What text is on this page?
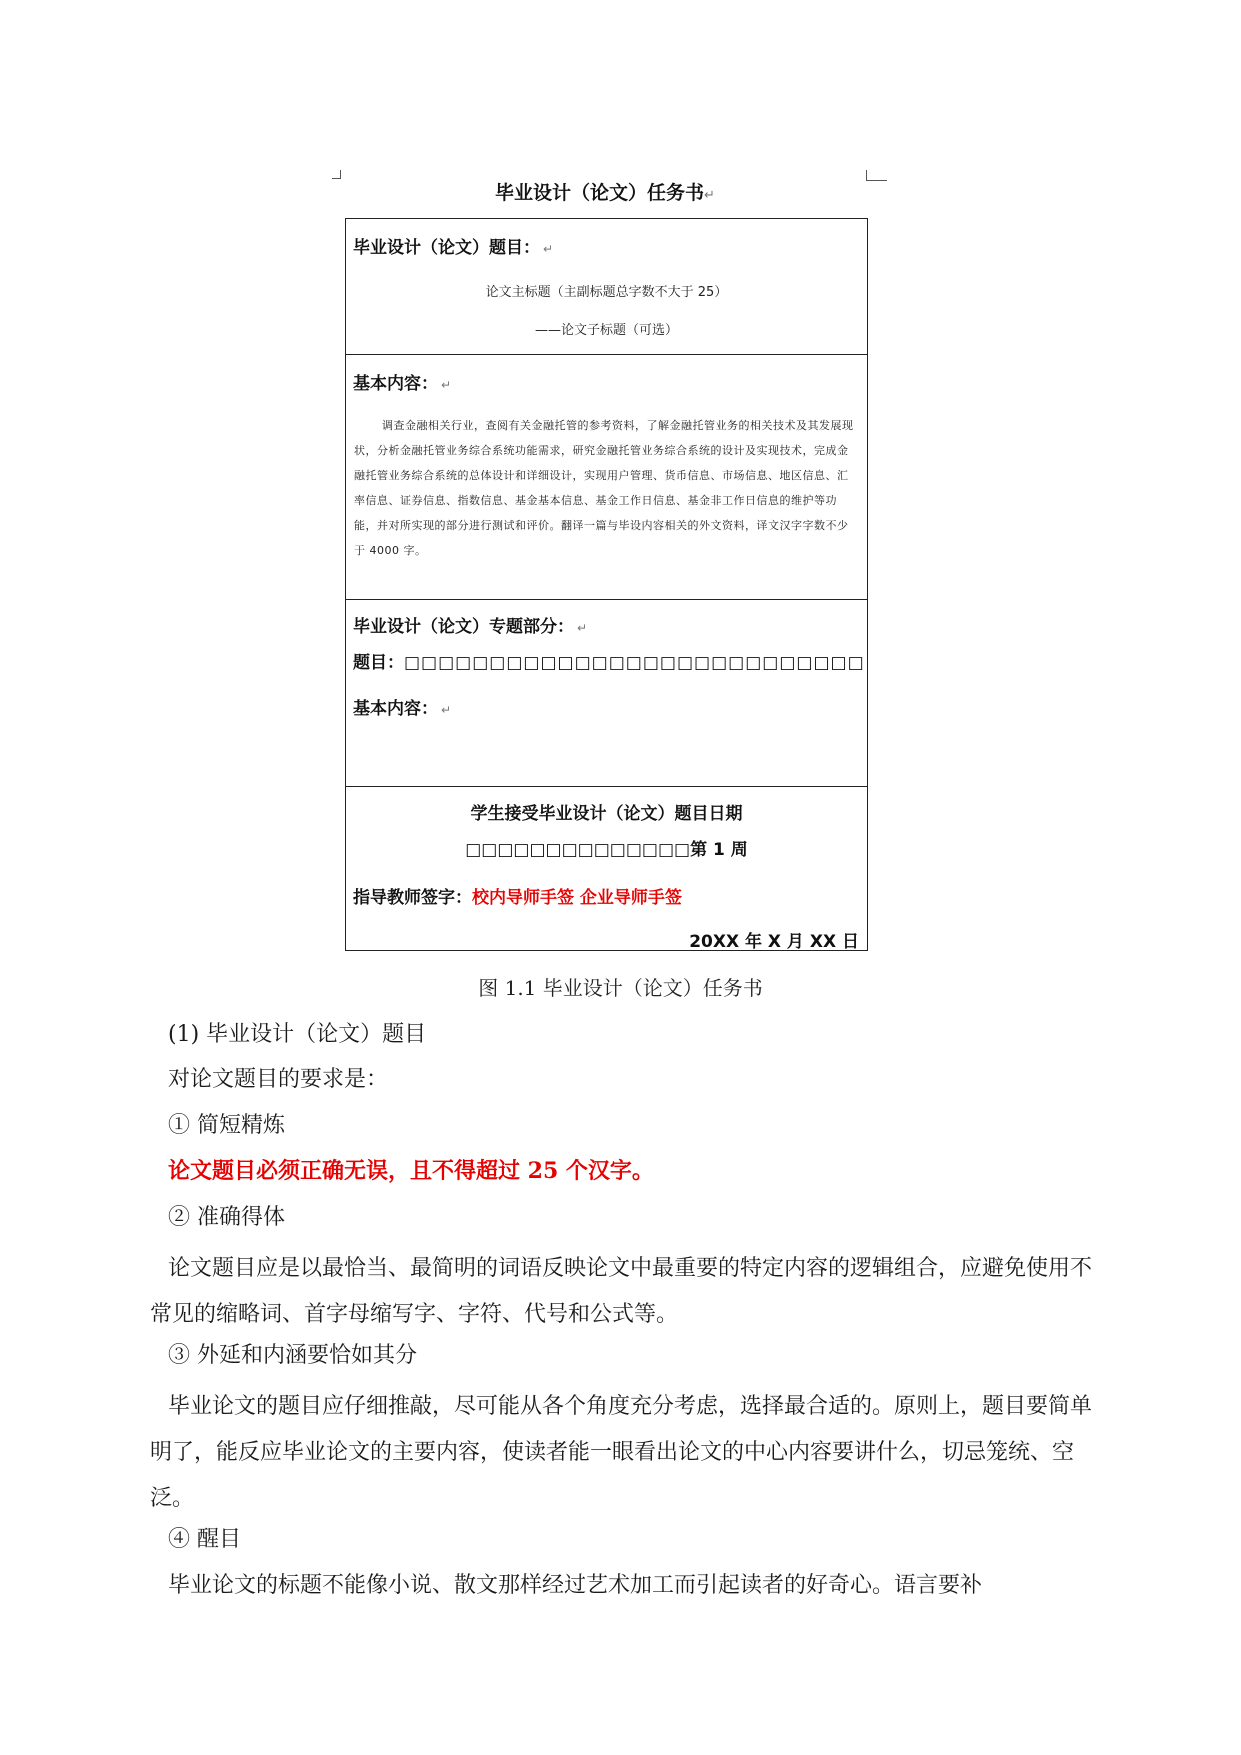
毕业设计（论文）任务书↵
毕业设计（论文）题目： ↵
论文主标题（主副标题总字数不大于 25）
——论文子标题（可选）
基本内容： ↵
调查金融相关行业，查阅有关金融托管的参考资料，了解金融托管业务的相关技术及其发展现状，分析金融托管业务综合系统功能需求，研究金融托管业务综合系统的设计及实现技术，完成金融托管业务综合系统的总体设计和详细设计，实现用户管理、货币信息、市场信息、地区信息、汇率信息、证券信息、指数信息、基金基本信息、基金工作日信息、基金非工作日信息的维护等功能，并对所实现的部分进行测试和评价。翻译一篇与毕设内容相关的外文资料，译文汉字字数不少于 4000 字。
毕业设计（论文）专题部分： ↵
题目：□□□□□□□□□□□□□□□□□□□□□□□□□□□
基本内容： ↵
学生接受毕业设计（论文）题目日期
□□□□□□□□□□□□□□第 1 周
指导教师签字：校内导师手签 企业导师手签
20XX 年 X 月 XX 日
图 1.1 毕业设计（论文）任务书
(1) 毕业设计（论文）题目
对论文题目的要求是：
① 简短精炼
论文题目必须正确无误，且不得超过 25 个汉字。
② 准确得体
论文题目应是以最恰当、最简明的词语反映论文中最重要的特定内容的逻辑组合，应避免使用不常见的缩略词、首字母缩写字、字符、代号和公式等。
③ 外延和内涵要恰如其分
毕业论文的题目应仔细推敲，尽可能从各个角度充分考虑，选择最合适的。原则上，题目要简单明了，能反应毕业论文的主要内容，使读者能一眼看出论文的中心内容要讲什么，切忌笼统、空泛。
④ 醒目
毕业论文的标题不能像小说、散文那样经过艺术加工而引起读者的好奇心。语言要补
